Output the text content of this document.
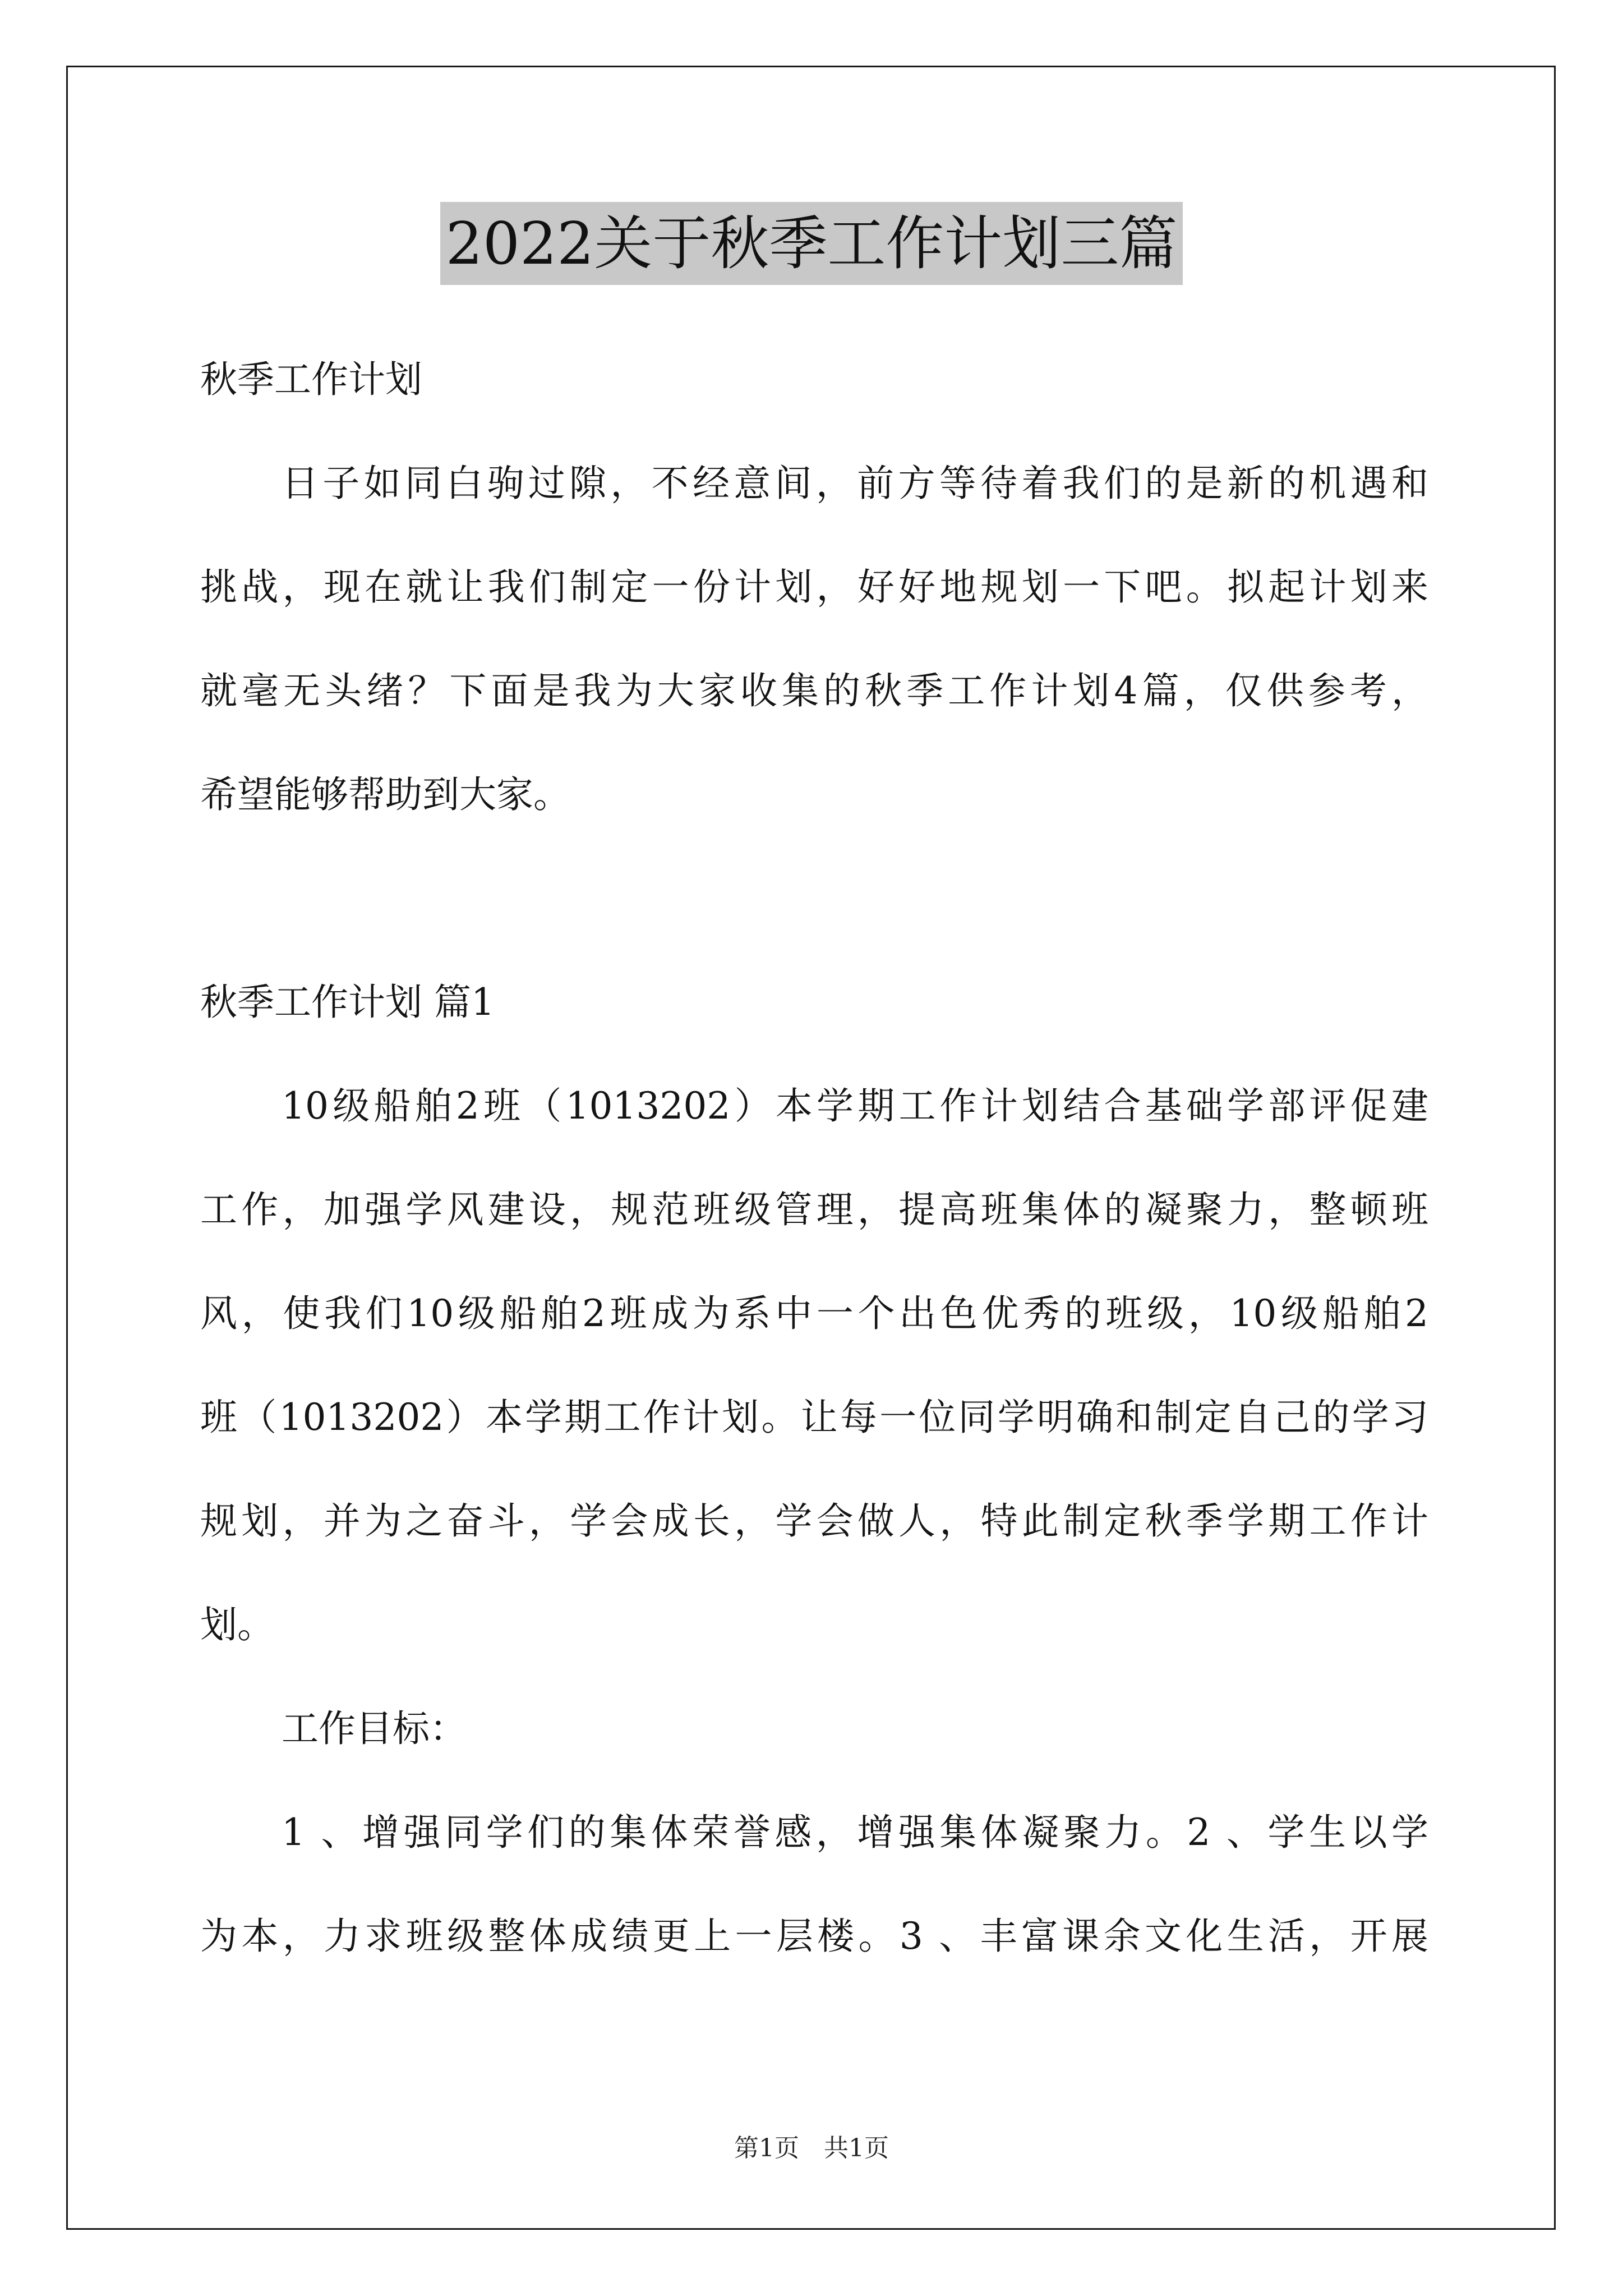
2022关于秋季工作计划三篇
秋季工作计划
日子如同白驹过隙，不经意间，前方等待着我们的是新的机遇和
挑战，现在就让我们制定一份计划，好好地规划一下吧。拟起计划来
就毫无头绪？下面是我为大家收集的秋季工作计划4篇，仅供参考，
希望能够帮助到大家。
秋季工作计划 篇1
10级船舶2班（1013202）本学期工作计划结合基础学部评促建
工作，加强学风建设，规范班级管理，提高班集体的凝聚力，整顿班
风，使我们10级船舶2班成为系中一个出色优秀的班级，10级船舶2
班（1013202）本学期工作计划。让每一位同学明确和制定自己的学习
规划，并为之奋斗，学会成长，学会做人，特此制定秋季学期工作计
划。
工作目标：
1 、增强同学们的集体荣誉感，增强集体凝聚力。2 、学生以学
为本，力求班级整体成绩更上一层楼。3 、丰富课余文化生活，开展
第1页　共1页
